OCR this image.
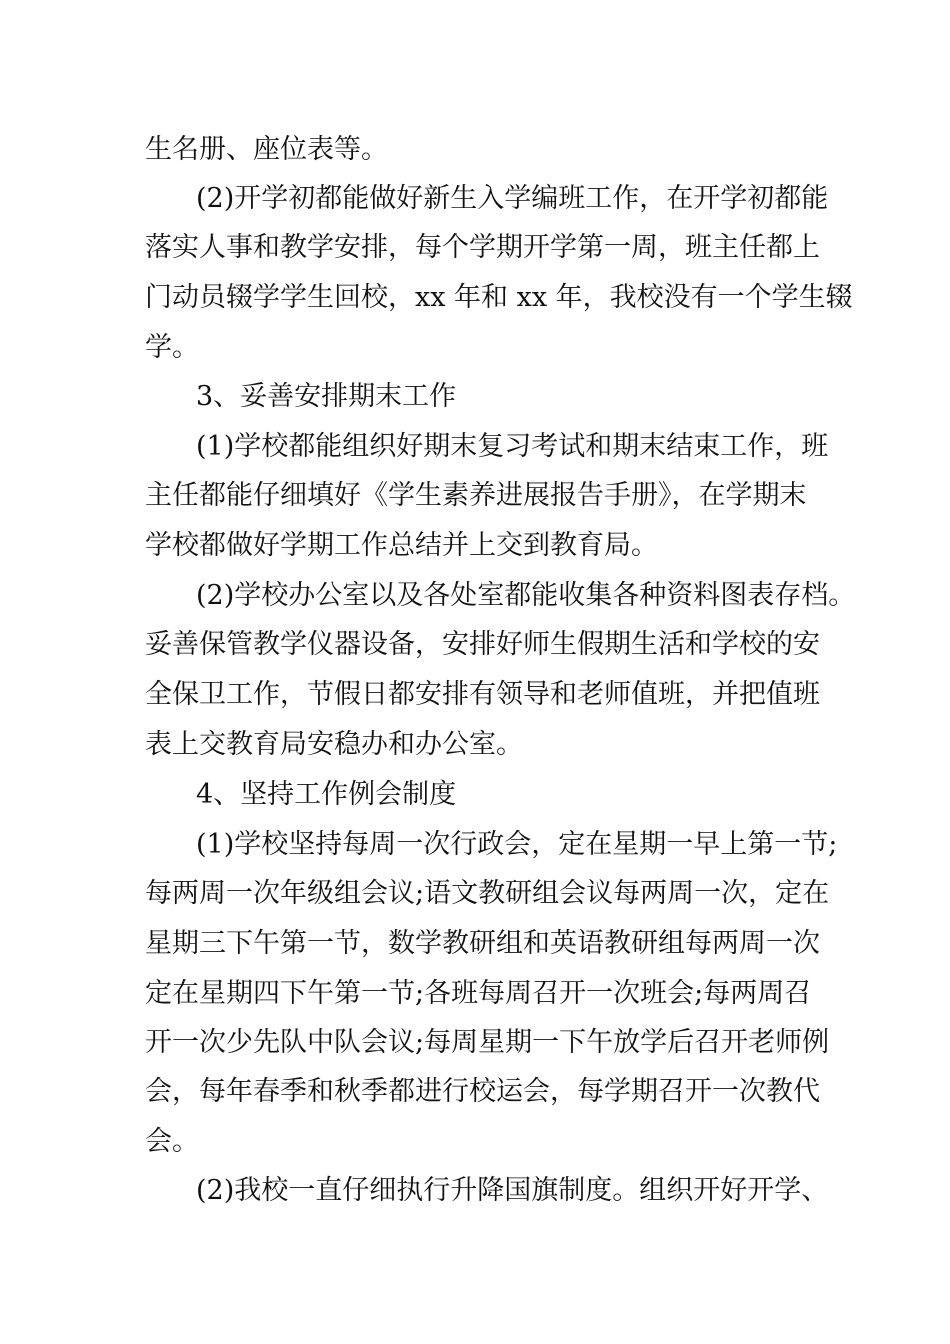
生名册、座位表等。
(2)开学初都能做好新生入学编班工作，在开学初都能
落实人事和教学安排，每个学期开学第一周，班主任都上
门动员辍学学生回校，xx 年和 xx 年，我校没有一个学生辍
学。
3、妥善安排期末工作
(1)学校都能组织好期末复习考试和期末结束工作，班
主任都能仔细填好《学生素养进展报告手册》，在学期末
学校都做好学期工作总结并上交到教育局。
(2)学校办公室以及各处室都能收集各种资料图表存档。
妥善保管教学仪器设备，安排好师生假期生活和学校的安
全保卫工作，节假日都安排有领导和老师值班，并把值班
表上交教育局安稳办和办公室。
4、坚持工作例会制度
(1)学校坚持每周一次行政会，定在星期一早上第一节;
每两周一次年级组会议;语文教研组会议每两周一次，定在
星期三下午第一节，数学教研组和英语教研组每两周一次
定在星期四下午第一节;各班每周召开一次班会;每两周召
开一次少先队中队会议;每周星期一下午放学后召开老师例
会，每年春季和秋季都进行校运会，每学期召开一次教代
会。
(2)我校一直仔细执行升降国旗制度。组织开好开学、
